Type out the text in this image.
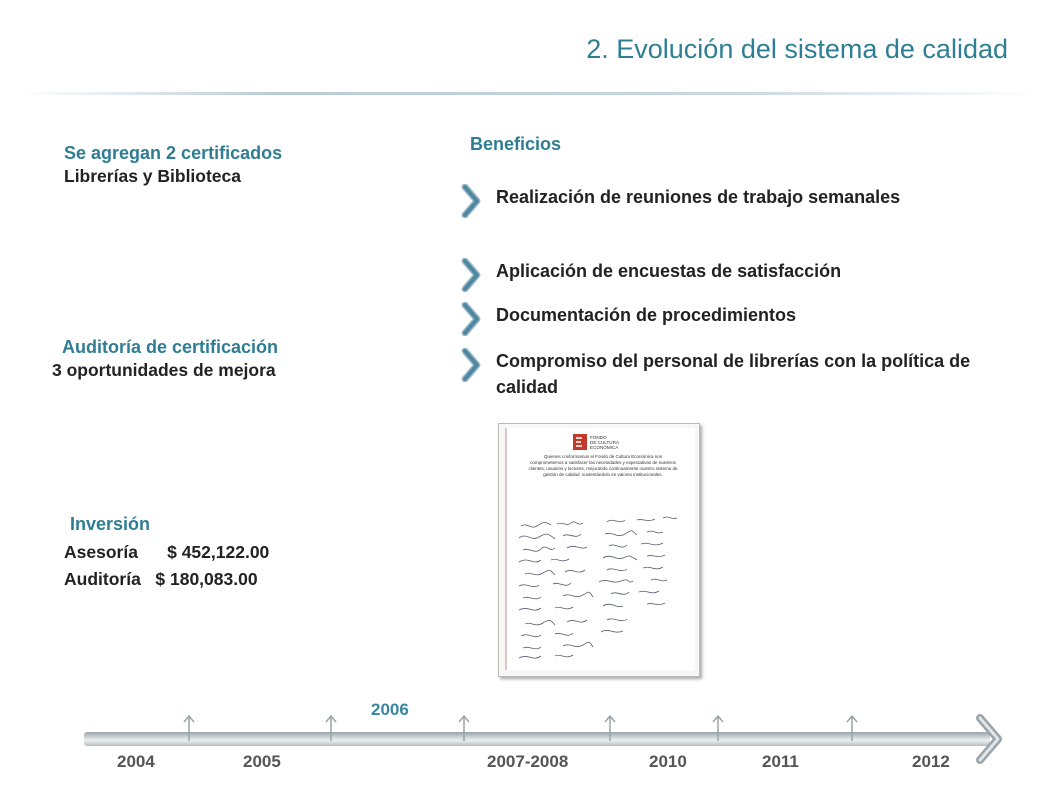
2. Evolución del sistema de calidad
Se agregan 2 certificados
Librerías y Biblioteca
Auditoría de certificación
3 oportunidades de mejora
Inversión
Asesoría      $ 452,122.00
Auditoría   $ 180,083.00
Beneficios
Realización de reuniones de trabajo semanales
Aplicación de encuestas de satisfacción
Documentación de procedimientos
Compromiso del personal de librerías con la política de calidad
FONDO
DE CULTURA
ECONÓMICA
Quienes conformamos el Fondo de Cultura Económica nos comprometemos a satisfacer las necesidades y expectativas de nuestros clientes, usuarios y lectores, mejorando continuamente nuestro sistema de gestión de calidad, sustentándolo en valores institucionales.
2006
2004	2005	2007-2008	2010	2011	2012
